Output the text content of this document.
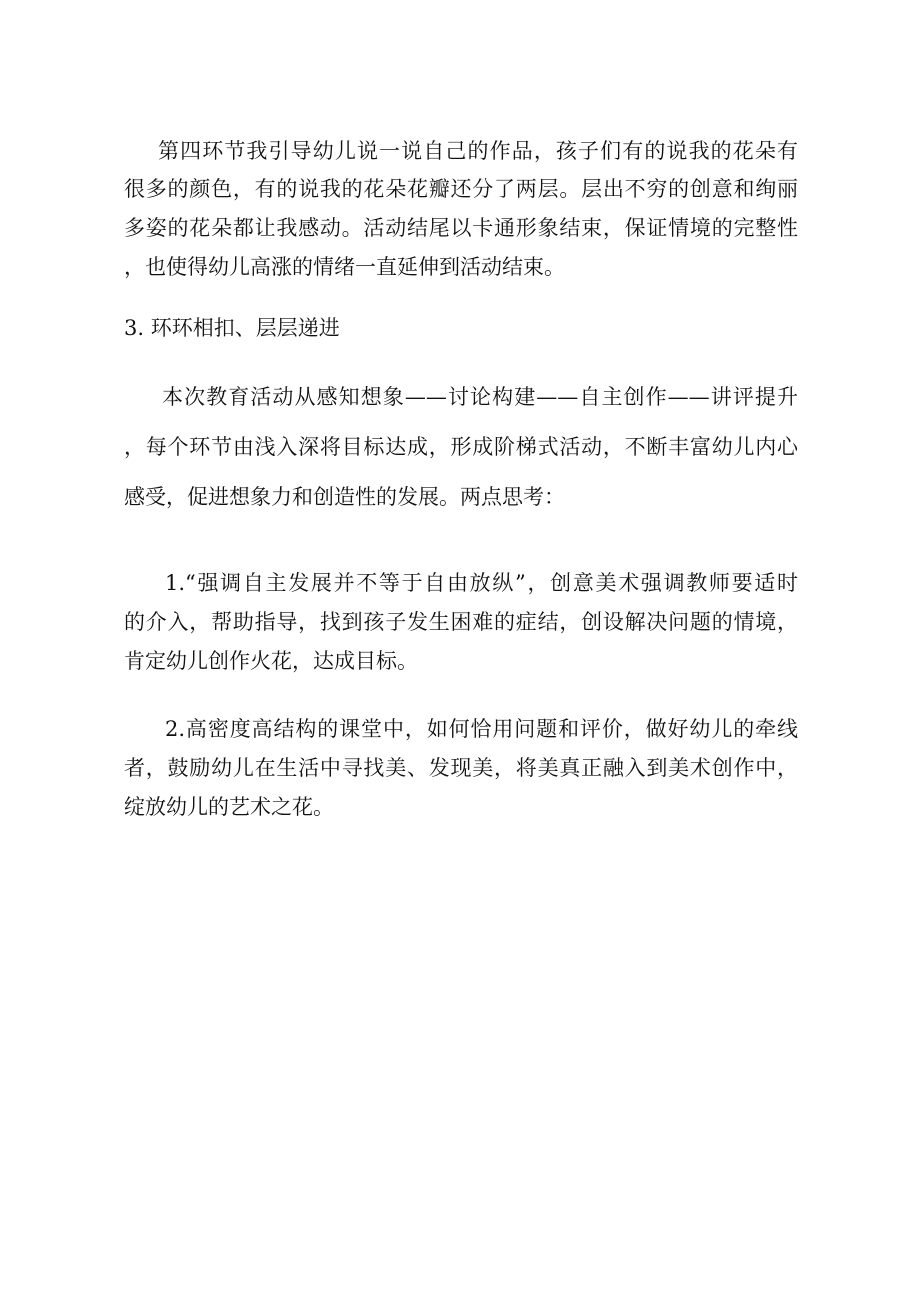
第四环节我引导幼儿说一说自己的作品，孩子们有的说我的花朵有
很多的颜色，有的说我的花朵花瓣还分了两层。层出不穷的创意和绚丽
多姿的花朵都让我感动。活动结尾以卡通形象结束，保证情境的完整性
，也使得幼儿高涨的情绪一直延伸到活动结束。
3. 环环相扣、层层递进
本次教育活动从感知想象——讨论构建——自主创作——讲评提升
，每个环节由浅入深将目标达成，形成阶梯式活动，不断丰富幼儿内心
感受，促进想象力和创造性的发展。两点思考：
1.“强调自主发展并不等于自由放纵”，创意美术强调教师要适时
的介入，帮助指导，找到孩子发生困难的症结，创设解决问题的情境，
肯定幼儿创作火花，达成目标。
2.高密度高结构的课堂中，如何恰用问题和评价，做好幼儿的牵线
者，鼓励幼儿在生活中寻找美、发现美，将美真正融入到美术创作中，
绽放幼儿的艺术之花。
